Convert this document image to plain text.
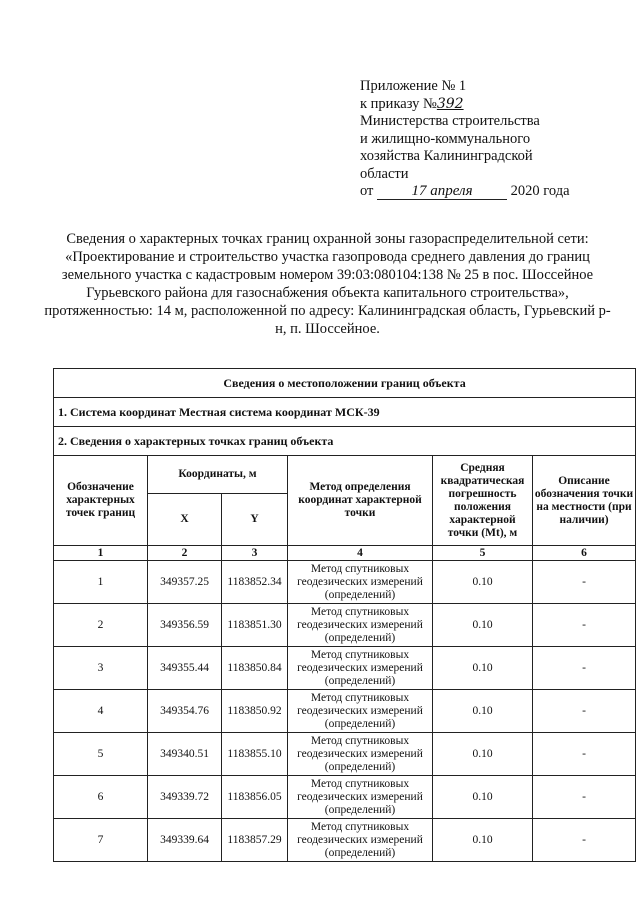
Приложение № 1
к приказу №392
Министерства строительства
и жилищно-коммунального
хозяйства Калининградской
области
от	17 апреля	2020 года
Сведения о характерных точках границ охранной зоны газораспределительной сети: «Проектирование и строительство участка газопровода среднего давления до границ земельного участка с кадастровым номером 39:03:080104:138 № 25 в пос. Шоссейное Гурьевского района для газоснабжения объекта капитального строительства», протяженностью: 14 м, расположенной по адресу: Калининградская область, Гурьевский р-н, п. Шоссейное.
Сведения о местоположении границ объекта					
1. Система координат Местная система координат МСК-39					
2. Сведения о характерных точках границ объекта					
Обозначение характерных точек границ	Координаты, м		Метод определения координат характерной точки	Средняя квадратическая погрешность положения характерной точки (Mt), м	Описание обозначения точки на местности (при наличии)
	X	Y			
1	2	3	4	5	6
1	349357.25	1183852.34	Метод спутниковых геодезических измерений (определений)	0.10	-
2	349356.59	1183851.30	Метод спутниковых геодезических измерений (определений)	0.10	-
3	349355.44	1183850.84	Метод спутниковых геодезических измерений (определений)	0.10	-
4	349354.76	1183850.92	Метод спутниковых геодезических измерений (определений)	0.10	-
5	349340.51	1183855.10	Метод спутниковых геодезических измерений (определений)	0.10	-
6	349339.72	1183856.05	Метод спутниковых геодезических измерений (определений)	0.10	-
7	349339.64	1183857.29	Метод спутниковых геодезических измерений (определений)	0.10	-
